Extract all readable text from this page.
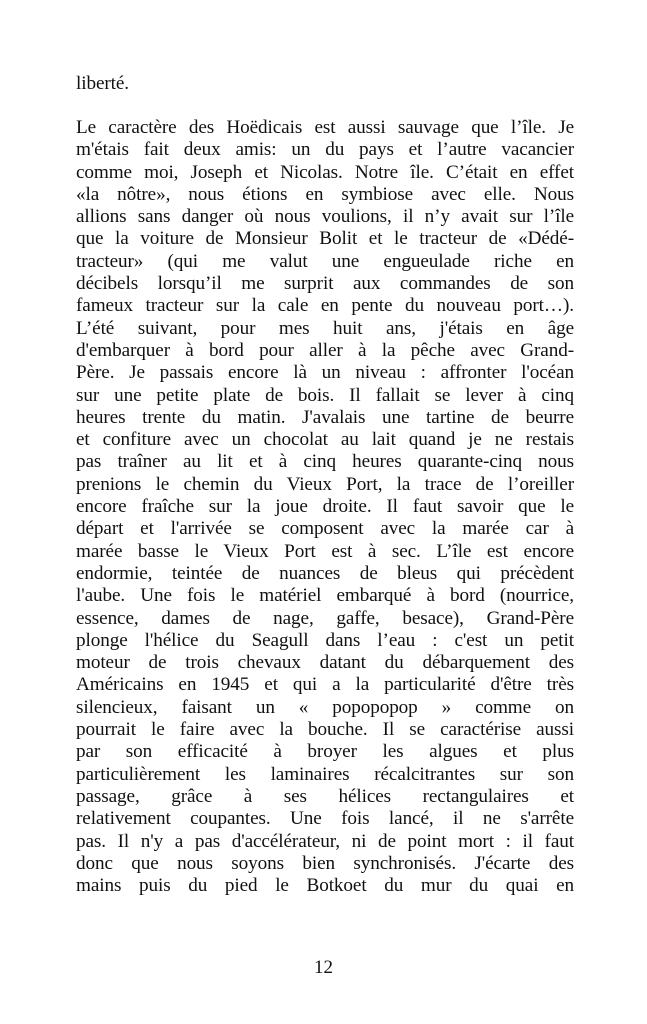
liberté.
Le caractère des Hoëdicais est aussi sauvage que l’île. Je
m'étais fait deux amis: un du pays et l’autre vacancier
comme moi, Joseph et Nicolas. Notre île. C’était en effet
«la nôtre», nous étions en symbiose avec elle. Nous
allions sans danger où nous voulions, il n’y avait sur l’île
que la voiture de Monsieur Bolit et le tracteur de «Dédé-
tracteur» (qui me valut une engueulade riche en
décibels lorsqu’il me surprit aux commandes de son
fameux tracteur sur la cale en pente du nouveau port…).
L’été suivant, pour mes huit ans, j'étais en âge
d'embarquer à bord pour aller à la pêche avec Grand-
Père. Je passais encore là un niveau : affronter l'océan
sur une petite plate de bois. Il fallait se lever à cinq
heures trente du matin. J'avalais une tartine de beurre
et confiture avec un chocolat au lait quand je ne restais
pas traîner au lit et à cinq heures quarante-cinq nous
prenions le chemin du Vieux Port, la trace de l’oreiller
encore fraîche sur la joue droite. Il faut savoir que le
départ et l'arrivée se composent avec la marée car à
marée basse le Vieux Port est à sec. L’île est encore
endormie, teintée de nuances de bleus qui précèdent
l'aube. Une fois le matériel embarqué à bord (nourrice,
essence, dames de nage, gaffe, besace), Grand-Père
plonge l'hélice du Seagull dans l’eau : c'est un petit
moteur de trois chevaux datant du débarquement des
Américains en 1945 et qui a la particularité d'être très
silencieux, faisant un « popopopop » comme on
pourrait le faire avec la bouche. Il se caractérise aussi
par son efficacité à broyer les algues et plus
particulièrement les laminaires récalcitrantes sur son
passage, grâce à ses hélices rectangulaires et
relativement coupantes. Une fois lancé, il ne s'arrête
pas. Il n'y a pas d'accélérateur, ni de point mort : il faut
donc que nous soyons bien synchronisés. J'écarte des
mains puis du pied le Botkoet du mur du quai en
12
